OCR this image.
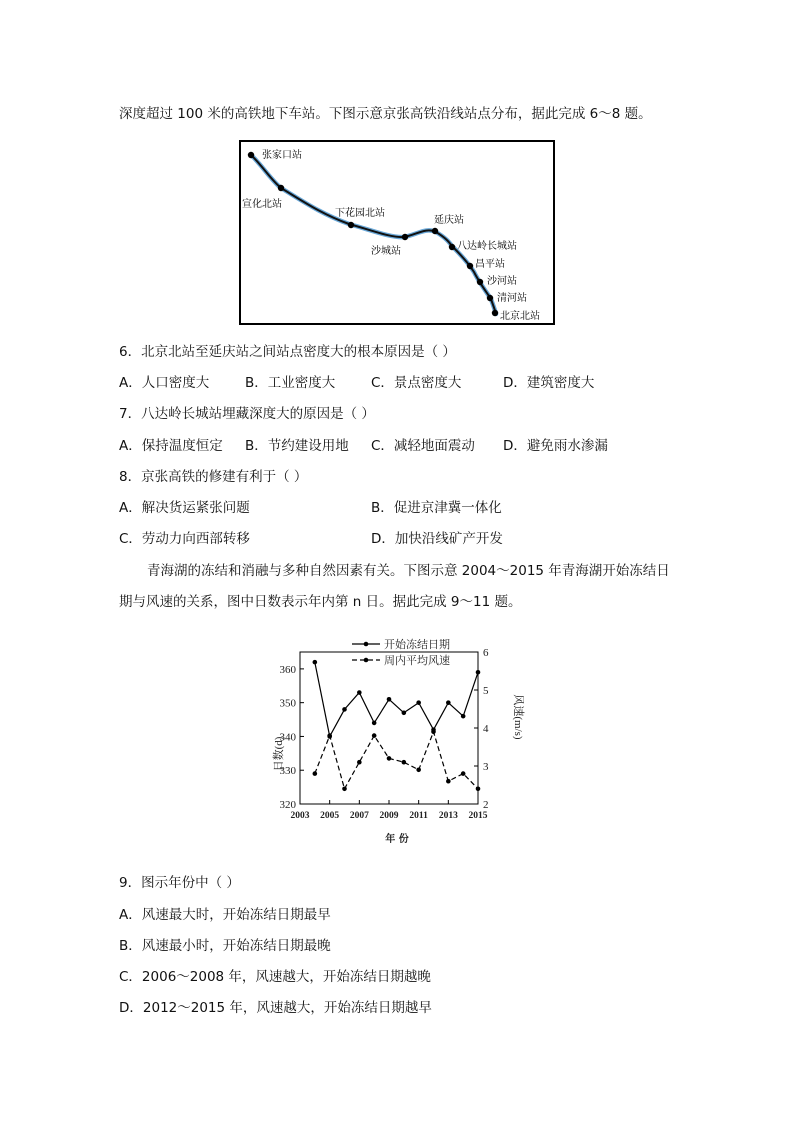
深度超过 100 米的高铁地下车站。下图示意京张高铁沿线站点分布，据此完成 6～8 题。
张家口站
宣化北站
下花园北站
沙城站
延庆站
八达岭长城站
昌平站
沙河站
清河站
北京北站
6．北京北站至延庆站之间站点密度大的根本原因是（ ）
A．人口密度大	B．工业密度大	C．景点密度大	D．建筑密度大
7．八达岭长城站埋藏深度大的原因是（ ）
A．保持温度恒定 B．节约建设用地 C．减轻地面震动 D．避免雨水渗漏
8．京张高铁的修建有利于（ ）
A．解决货运紧张问题	B．促进京津冀一体化
C．劳动力向西部转移	D．加快沿线矿产开发
青海湖的冻结和消融与多种自然因素有关。下图示意 2004～2015 年青海湖开始冻结日
期与风速的关系，图中日数表示年内第 n 日。据此完成 9～11 题。
开始冻结日期
周内平均风速
320
330
340
350
360
2
3
4
5
6
2003 2005 2007 2009 2011 2013 2015
日数(d)
风速(m/s)
年 份
9．图示年份中（ ）
A．风速最大时，开始冻结日期最早
B．风速最小时，开始冻结日期最晚
C．2006～2008 年，风速越大，开始冻结日期越晚
D．2012～2015 年，风速越大，开始冻结日期越早
